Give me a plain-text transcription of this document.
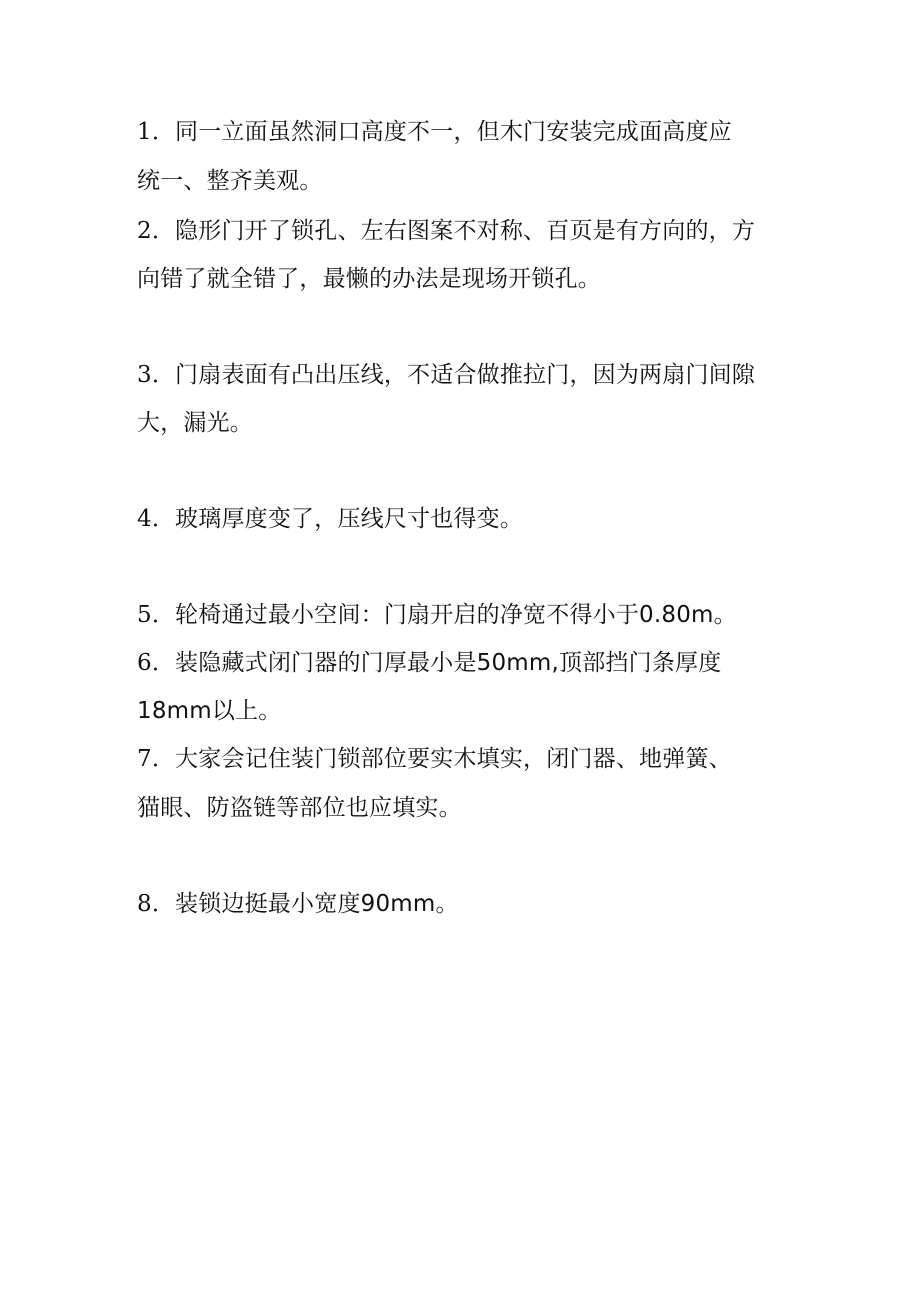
1．同一立面虽然洞口高度不一，但木门安装完成面高度应
统一、整齐美观。
2．隐形门开了锁孔、左右图案不对称、百页是有方向的，方
向错了就全错了，最懒的办法是现场开锁孔。
3．门扇表面有凸出压线，不适合做推拉门，因为两扇门间隙
大，漏光。
4．玻璃厚度变了，压线尺寸也得变。
5．轮椅通过最小空间：门扇开启的净宽不得小于0.80m。
6．装隐藏式闭门器的门厚最小是50mm,顶部挡门条厚度
18mm以上。
7．大家会记住装门锁部位要实木填实，闭门器、地弹簧、
猫眼、防盗链等部位也应填实。
8．装锁边挺最小宽度90mm。
